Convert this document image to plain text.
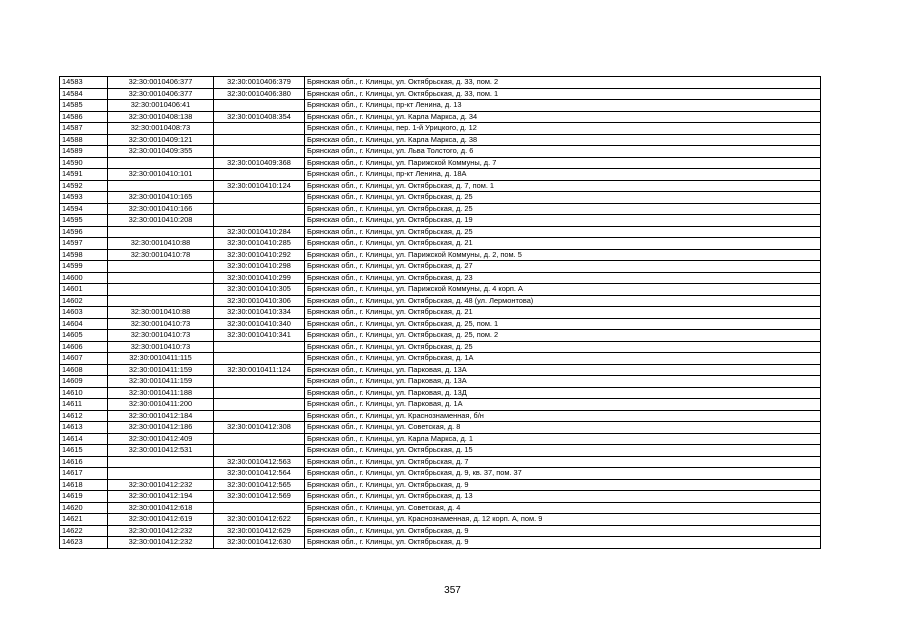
14583	32:30:0010406:377	32:30:0010406:379	Брянская обл., г. Клинцы, ул. Октябрьская, д. 33, пом. 2
14584	32:30:0010406:377	32:30:0010406:380	Брянская обл., г. Клинцы, ул. Октябрьская, д. 33, пом. 1
14585	32:30:0010406:41		Брянская обл., г. Клинцы, пр-кт Ленина, д. 13
14586	32:30:0010408:138	32:30:0010408:354	Брянская обл., г. Клинцы, ул. Карла Маркса, д. 34
14587	32:30:0010408:73		Брянская обл., г. Клинцы, пер. 1-й Урицкого, д. 12
14588	32:30:0010409:121		Брянская обл., г. Клинцы, ул. Карла Маркса, д. 38
14589	32:30:0010409:355		Брянская обл., г. Клинцы, ул. Льва Толстого, д. 6
14590		32:30:0010409:368	Брянская обл., г. Клинцы, ул. Парижской Коммуны, д. 7
14591	32:30:0010410:101		Брянская обл., г. Клинцы, пр-кт Ленина, д. 18А
14592		32:30:0010410:124	Брянская обл., г. Клинцы, ул. Октябрьская, д. 7, пом. 1
14593	32:30:0010410:165		Брянская обл., г. Клинцы, ул. Октябрьская, д. 25
14594	32:30:0010410:166		Брянская обл., г. Клинцы, ул. Октябрьская, д. 25
14595	32:30:0010410:208		Брянская обл., г. Клинцы, ул. Октябрьская, д. 19
14596		32:30:0010410:284	Брянская обл., г. Клинцы, ул. Октябрьская, д. 25
14597	32:30:0010410:88	32:30:0010410:285	Брянская обл., г. Клинцы, ул. Октябрьская, д. 21
14598	32:30:0010410:78	32:30:0010410:292	Брянская обл., г. Клинцы, ул. Парижской Коммуны, д. 2, пом. 5
14599		32:30:0010410:298	Брянская обл., г. Клинцы, ул. Октябрьская, д. 27
14600		32:30:0010410:299	Брянская обл., г. Клинцы, ул. Октябрьская, д. 23
14601		32:30:0010410:305	Брянская обл., г. Клинцы, ул. Парижской Коммуны, д. 4 корп. А
14602		32:30:0010410:306	Брянская обл., г. Клинцы, ул. Октябрьская, д. 48 (ул. Лермонтова)
14603	32:30:0010410:88	32:30:0010410:334	Брянская обл., г. Клинцы, ул. Октябрьская, д. 21
14604	32:30:0010410:73	32:30:0010410:340	Брянская обл., г. Клинцы, ул. Октябрьская, д. 25, пом. 1
14605	32:30:0010410:73	32:30:0010410:341	Брянская обл., г. Клинцы, ул. Октябрьская, д. 25, пом. 2
14606	32:30:0010410:73		Брянская обл., г. Клинцы, ул. Октябрьская, д. 25
14607	32:30:0010411:115		Брянская обл., г. Клинцы, ул. Октябрьская, д. 1А
14608	32:30:0010411:159	32:30:0010411:124	Брянская обл., г. Клинцы, ул. Парковая, д. 13А
14609	32:30:0010411:159		Брянская обл., г. Клинцы, ул. Парковая, д. 13А
14610	32:30:0010411:188		Брянская обл., г. Клинцы, ул. Парковая, д. 13Д
14611	32:30:0010411:200		Брянская обл., г. Клинцы, ул. Парковая, д. 1А
14612	32:30:0010412:184		Брянская обл., г. Клинцы, ул. Краснознаменная, б/н
14613	32:30:0010412:186	32:30:0010412:308	Брянская обл., г. Клинцы, ул. Советская, д. 8
14614	32:30:0010412:409		Брянская обл., г. Клинцы, ул. Карла Маркса, д. 1
14615	32:30:0010412:531		Брянская обл., г. Клинцы, ул. Октябрьская, д. 15
14616		32:30:0010412:563	Брянская обл., г. Клинцы, ул. Октябрьская, д. 7
14617		32:30:0010412:564	Брянская обл., г. Клинцы, ул. Октябрьская, д. 9, кв. 37, пом. 37
14618	32:30:0010412:232	32:30:0010412:565	Брянская обл., г. Клинцы, ул. Октябрьская, д. 9
14619	32:30:0010412:194	32:30:0010412:569	Брянская обл., г. Клинцы, ул. Октябрьская, д. 13
14620	32:30:0010412:618		Брянская обл., г. Клинцы, ул. Советская, д. 4
14621	32:30:0010412:619	32:30:0010412:622	Брянская обл., г. Клинцы, ул. Краснознаменная, д. 12 корп. А, пом. 9
14622	32:30:0010412:232	32:30:0010412:629	Брянская обл., г. Клинцы, ул. Октябрьская, д. 9
14623	32:30:0010412:232	32:30:0010412:630	Брянская обл., г. Клинцы, ул. Октябрьская, д. 9
357
